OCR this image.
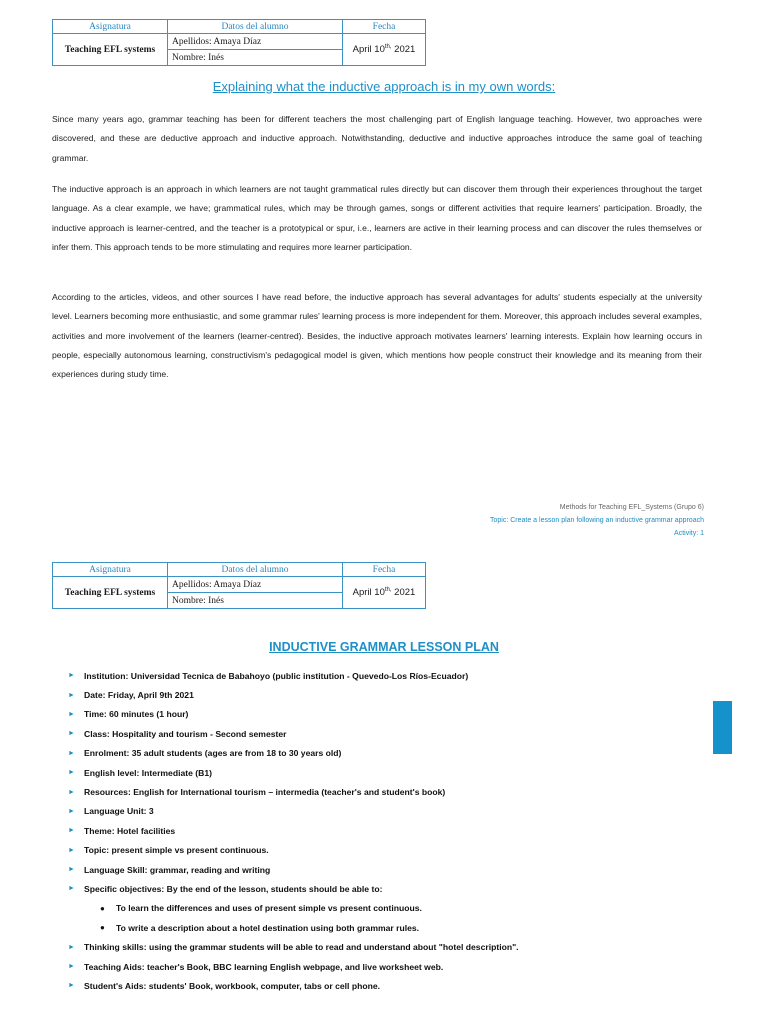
Asignatura	Datos del alumno	Fecha
Teaching EFL systems	Apellidos: Amaya Díaz	April $10^{th,}$ 2021
	Nombre: Inés	
Explaining what the inductive approach is in my own words:

Since many years ago, grammar teaching has been for different teachers the most challenging part of English language teaching. However, two approaches were discovered, and these are deductive approach and inductive approach. Notwithstanding, deductive and inductive approaches introduce the same goal of teaching grammar.

The inductive approach is an approach in which learners are not taught grammatical rules directly but can discover them through their experiences throughout the target language. As a clear example, we have; grammatical rules, which may be through games, songs or different activities that require learners' participation. Broadly, the inductive approach is learner-centred, and the teacher is a prototypical or spur, i.e., learners are active in their learning process and can discover the rules themselves or infer them. This approach tends to be more stimulating and requires more learner participation.

According to the articles, videos, and other sources I have read before, the inductive approach has several advantages for adults' students especially at the university level. Learners becoming more enthusiastic, and some grammar rules' learning process is more independent for them. Moreover, this approach includes several examples, activities and more involvement of the learners (learner-centred). Besides, the inductive approach motivates learners' learning interests. Explain how learning occurs in people, especially autonomous learning, constructivism's pedagogical model is given, which mentions how people construct their knowledge and its meaning from their experiences during study time.

Methods for Teaching EFL_Systems (Grupo 6)
Topic: Create a lesson plan following an inductive grammar approach
Activity: 1
Asignatura	Datos del alumno	Fecha
Teaching EFL systems	Apellidos: Amaya Díaz	April $10^{th,}$ 2021
	Nombre: Inés	
INDUCTIVE GRAMMAR LESSON PLAN
►	Institution: Universidad Tecnica de Babahoyo (public institution - Quevedo-Los Ríos-Ecuador)
►	Date: Friday, April 9th 2021
►	Time: 60 minutes (1 hour)
►	Class: Hospitality and tourism - Second semester
►	Enrolment: 35 adult students (ages are from 18 to 30 years old)
►	English level: Intermediate (B1)
►	Resources: English for International tourism – intermedia (teacher's and student's book)
►	Language Unit: 3
►	Theme: Hotel facilities
►	Topic: present simple vs present continuous.
►	Language Skill: grammar, reading and writing
►	Specific objectives: By the end of the lesson, students should be able to:
●	To learn the differences and uses of present simple vs present continuous.
●	To write a description about a hotel destination using both grammar rules.
►	Thinking skills: using the grammar students will be able to read and understand about "hotel description".
►	Teaching Aids: teacher's Book, BBC learning English webpage, and live worksheet web.
►	Student's Aids: students' Book, workbook, computer, tabs or cell phone.
